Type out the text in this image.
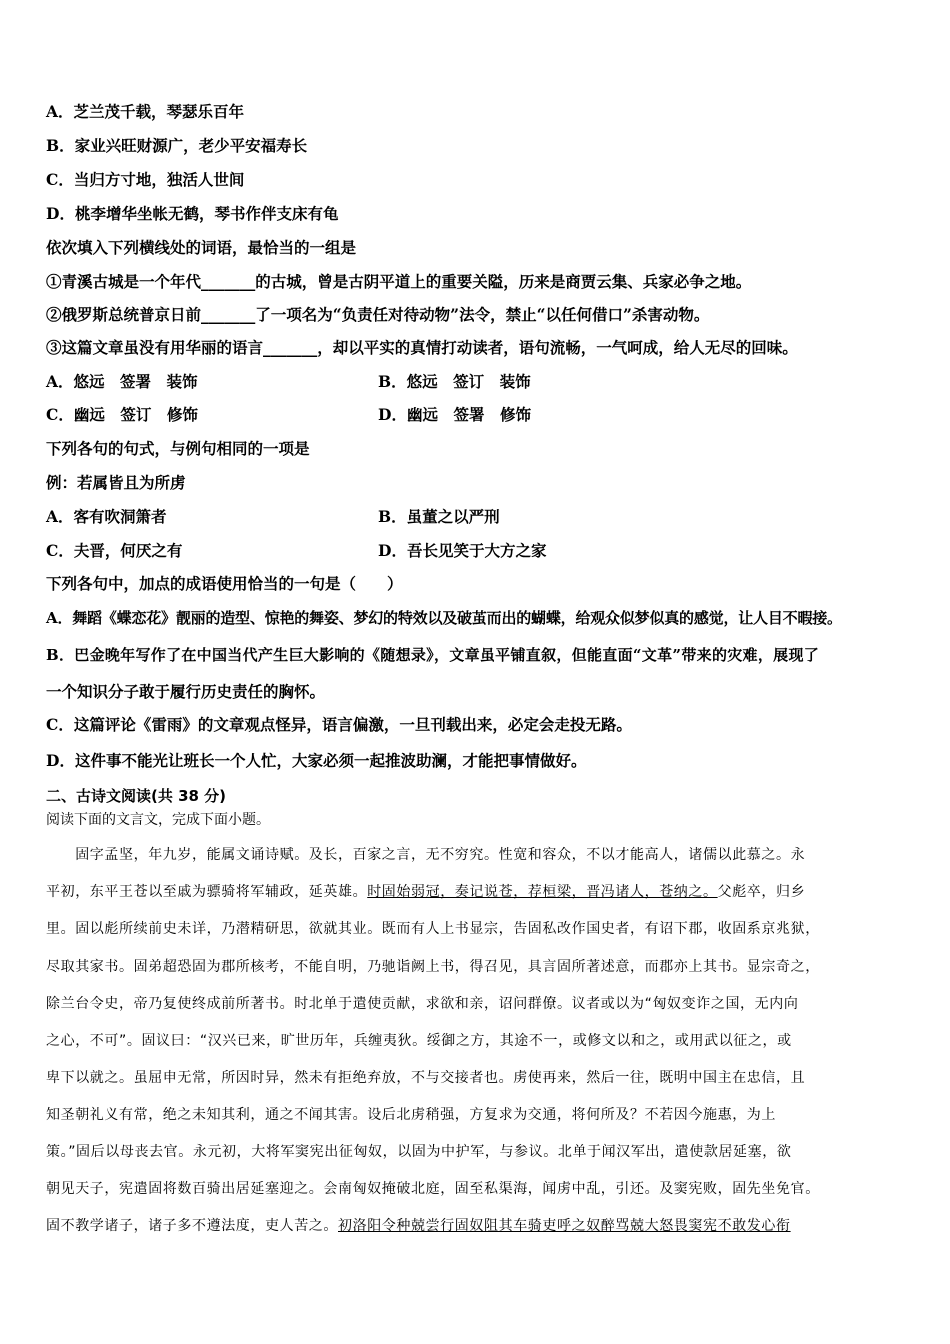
A．芝兰茂千载，琴瑟乐百年
B．家业兴旺财源广，老少平安福寿长
C．当归方寸地，独活人世间
D．桃李增华坐帐无鹤，琴书作伴支床有龟
依次填入下列横线处的词语，最恰当的一组是
①青溪古城是一个年代_______的古城，曾是古阴平道上的重要关隘，历来是商贾云集、兵家必争之地。
②俄罗斯总统普京日前_______了一项名为“负责任对待动物”法令，禁止“以任何借口”杀害动物。
③这篇文章虽没有用华丽的语言_______，却以平实的真情打动读者，语句流畅，一气呵成，给人无尽的回味。
A．悠远　签署　装饰	B．悠远　签订　装饰
C．幽远　签订　修饰	D．幽远　签署　修饰
下列各句的句式，与例句相同的一项是
例：若属皆且为所虏
A．客有吹洞箫者	B．虽董之以严刑
C．夫晋，何厌之有	D．吾长见笑于大方之家
下列各句中，加点的成语使用恰当的一句是（　　）
A．舞蹈《蝶恋花》靓丽的造型、惊艳的舞姿、梦幻的特效以及破茧而出的蝴蝶，给观众似梦似真的感觉，让人目不暇接。
B．巴金晚年写作了在中国当代产生巨大影响的《随想录》，文章虽平铺直叙，但能直面“文革”带来的灾难，展现了
一个知识分子敢于履行历史责任的胸怀。
C．这篇评论《雷雨》的文章观点怪异，语言偏激，一旦刊载出来，必定会走投无路。
D．这件事不能光让班长一个人忙，大家必须一起推波助澜，才能把事情做好。
二、古诗文阅读(共 38 分)
阅读下面的文言文，完成下面小题。
　　固字孟坚，年九岁，能属文诵诗赋。及长，百家之言，无不穷究。性宽和容众，不以才能高人，诸儒以此慕之。永
平初，东平王苍以至戚为骠骑将军辅政，延英雄。时固始弱冠，奏记说苍，荐桓梁，晋冯诸人，苍纳之。父彪卒，归乡
里。固以彪所续前史未详，乃潜精研思，欲就其业。既而有人上书显宗，告固私改作国史者，有诏下郡，收固系京兆狱，
尽取其家书。固弟超恐固为郡所核考，不能自明，乃驰诣阙上书，得召见，具言固所著述意，而郡亦上其书。显宗奇之，
除兰台令史，帝乃复使终成前所著书。时北单于遣使贡献，求欲和亲，诏问群僚。议者或以为“匈奴变诈之国，无内向
之心，不可”。固议曰：“汉兴已来，旷世历年，兵缠夷狄。绥御之方，其途不一，或修文以和之，或用武以征之，或
卑下以就之。虽屈申无常，所因时异，然未有拒绝弃放，不与交接者也。虏使再来，然后一往，既明中国主在忠信，且
知圣朝礼义有常，绝之未知其利，通之不闻其害。设后北虏稍强，方复求为交通，将何所及？不若因今施惠，为上
策。”固后以母丧去官。永元初，大将军窦宪出征匈奴，以固为中护军，与参议。北单于闻汉军出，遣使款居延塞，欲
朝见天子，宪遣固将数百骑出居延塞迎之。会南匈奴掩破北庭，固至私渠海，闻虏中乱，引还。及窦宪败，固先坐免官。
固不教学诸子，诸子多不遵法度，吏人苦之。初洛阳令种兢尝行固奴阻其车骑吏呼之奴醉骂兢大怒畏窦宪不敢发心衔
